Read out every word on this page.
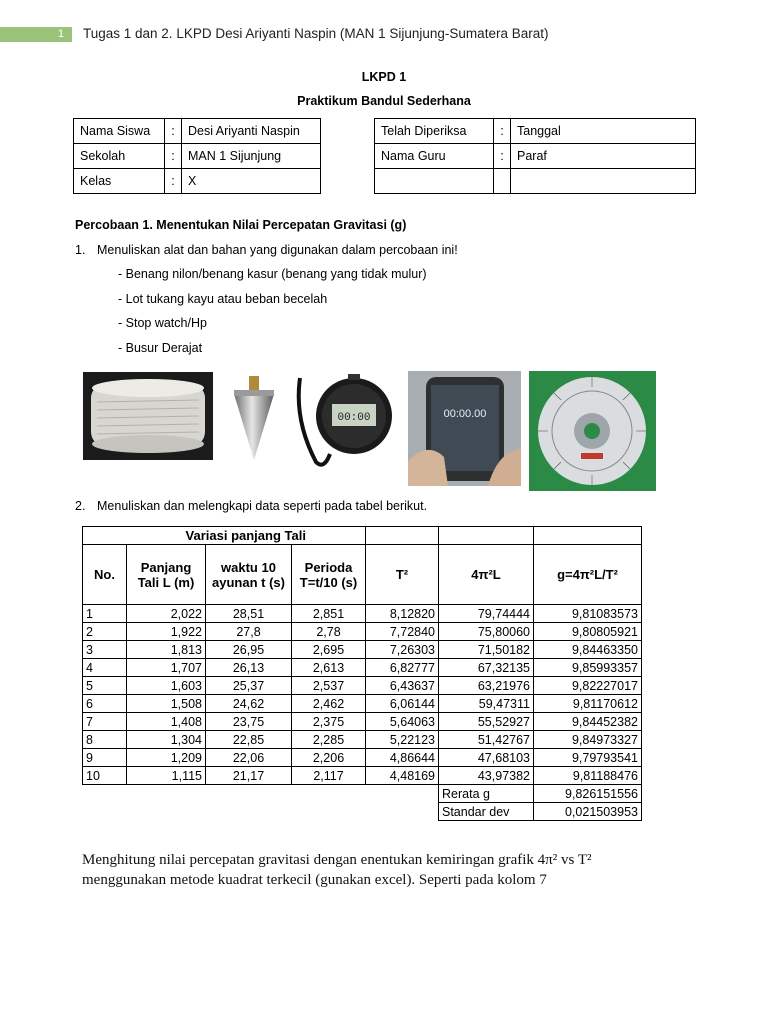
1	Tugas 1 dan 2. LKPD Desi Ariyanti Naspin (MAN 1 Sijunjung-Sumatera Barat)
LKPD 1
Praktikum Bandul Sederhana
Nama Siswa	:	Desi Ariyanti Naspin
Sekolah	:	MAN 1 Sijunjung
Kelas	:	X
Telah Diperiksa	:	Tanggal
Nama Guru	:	Paraf

Percobaan 1. Menentukan Nilai Percepatan Gravitasi (g)
1. Menuliskan alat dan bahan yang digunakan dalam percobaan ini!
- Benang nilon/benang kasur (benang yang tidak mulur)
- Lot tukang kayu atau beban becelah
- Stop watch/Hp
- Busur Derajat
00:00	00:00.00
2. Menuliskan dan melengkapi data seperti pada tabel berikut.
	Variasi panjang Tali					
No.	Panjang Tali L (m)	waktu 10 ayunan t (s)	Perioda T=t/10 (s)	T²	4π²L	g=4π²L/T²
1	2,022	28,51	2,851	8,12820	79,74444	9,81083573
2	1,922	27,8	2,78	7,72840	75,80060	9,80805921
3	1,813	26,95	2,695	7,26303	71,50182	9,84463350
4	1,707	26,13	2,613	6,82777	67,32135	9,85993357
5	1,603	25,37	2,537	6,43637	63,21976	9,82227017
6	1,508	24,62	2,462	6,06144	59,47311	9,81170612
7	1,408	23,75	2,375	5,64063	55,52927	9,84452382
8	1,304	22,85	2,285	5,22123	51,42767	9,84973327
9	1,209	22,06	2,206	4,86644	47,68103	9,79793541
10	1,115	21,17	2,117	4,48169	43,97382	9,81188476
					Rerata g	9,826151556
					Standar dev	0,021503953
Menghitung nilai percepatan gravitasi dengan enentukan kemiringan grafik 4π² vs T²
menggunakan metode kuadrat terkecil (gunakan excel). Seperti pada kolom 7
